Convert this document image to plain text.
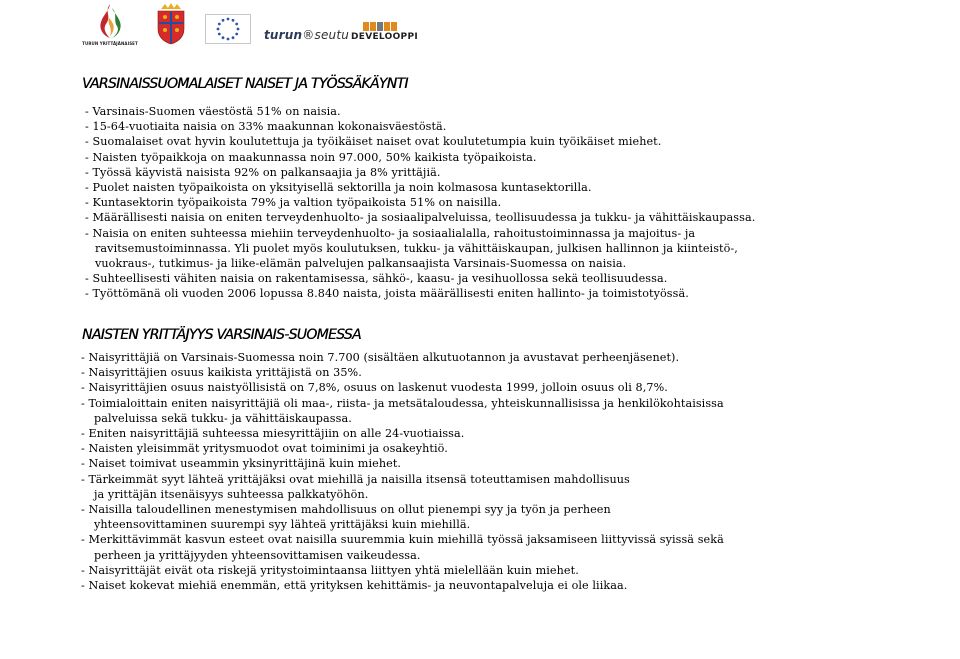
TURUN YRITTÄJÄNAISET
turun®seutu DEVELOOPPI
VARSINAISSUOMALAISET NAISET JA TYÖSSÄKÄYNTI
- Varsinais-Suomen väestöstä 51% on naisia.
- 15-64-vuotiaita naisia on 33% maakunnan kokonaisväestöstä.
- Suomalaiset ovat hyvin koulutettuja ja työikäiset naiset ovat koulutetumpia kuin työikäiset miehet.
- Naisten työpaikkoja on maakunnassa noin 97.000, 50% kaikista työpaikoista.
- Työssä käyvistä naisista 92% on palkansaajia ja 8% yrittäjiä.
- Puolet naisten työpaikoista on yksityisellä sektorilla ja noin kolmasosa kuntasektorilla.
- Kuntasektorin työpaikoista 79% ja valtion työpaikoista 51% on naisilla.
- Määrällisesti naisia on eniten terveydenhuolto- ja sosiaalipalveluissa, teollisuudessa ja tukku- ja vähittäiskaupassa.
- Naisia on eniten suhteessa miehiin terveydenhuolto- ja sosiaalialalla, rahoitustoiminnassa ja majoitus- ja
ravitsemustoiminnassa. Yli puolet myös koulutuksen, tukku- ja vähittäiskaupan, julkisen hallinnon ja kiinteistö-,
vuokraus-, tutkimus- ja liike-elämän palvelujen palkansaajista Varsinais-Suomessa on naisia.
- Suhteellisesti vähiten naisia on rakentamisessa, sähkö-, kaasu- ja vesihuollossa sekä teollisuudessa.
- Työttömänä oli vuoden 2006 lopussa 8.840 naista, joista määrällisesti eniten hallinto- ja toimistotyössä.
NAISTEN YRITTÄJYYS VARSINAIS-SUOMESSA
- Naisyrittäjiä on Varsinais-Suomessa noin 7.700 (sisältäen alkutuotannon ja avustavat perheenjäsenet).
- Naisyrittäjien osuus kaikista yrittäjistä on 35%.
- Naisyrittäjien osuus naistyöllisistä on 7,8%, osuus on laskenut vuodesta 1999, jolloin osuus oli 8,7%.
- Toimialoittain eniten naisyrittäjiä oli maa-, riista- ja metsätaloudessa, yhteiskunnallisissa ja henkilökohtaisissa
palveluissa sekä tukku- ja vähittäiskaupassa.
- Eniten naisyrittäjiä suhteessa miesyrittäjiin on alle 24-vuotiaissa.
- Naisten yleisimmät yritysmuodot ovat toiminimi ja osakeyhtiö.
- Naiset toimivat useammin yksinyrittäjinä kuin miehet.
- Tärkeimmät syyt lähteä yrittäjäksi ovat miehillä ja naisilla itsensä toteuttamisen mahdollisuus
ja yrittäjän itsenäisyys suhteessa palkkatyöhön.
- Naisilla taloudellinen menestymisen mahdollisuus on ollut pienempi syy ja työn ja perheen
yhteensovittaminen suurempi syy lähteä yrittäjäksi kuin miehillä.
- Merkittävimmät kasvun esteet ovat naisilla suuremmia kuin miehillä työssä jaksamiseen liittyvissä syissä sekä
perheen ja yrittäjyyden yhteensovittamisen vaikeudessa.
- Naisyrittäjät eivät ota riskejä yritystoimintaansa liittyen yhtä mielellään kuin miehet.
- Naiset kokevat miehiä enemmän, että yrityksen kehittämis- ja neuvontapalveluja ei ole liikaa.
